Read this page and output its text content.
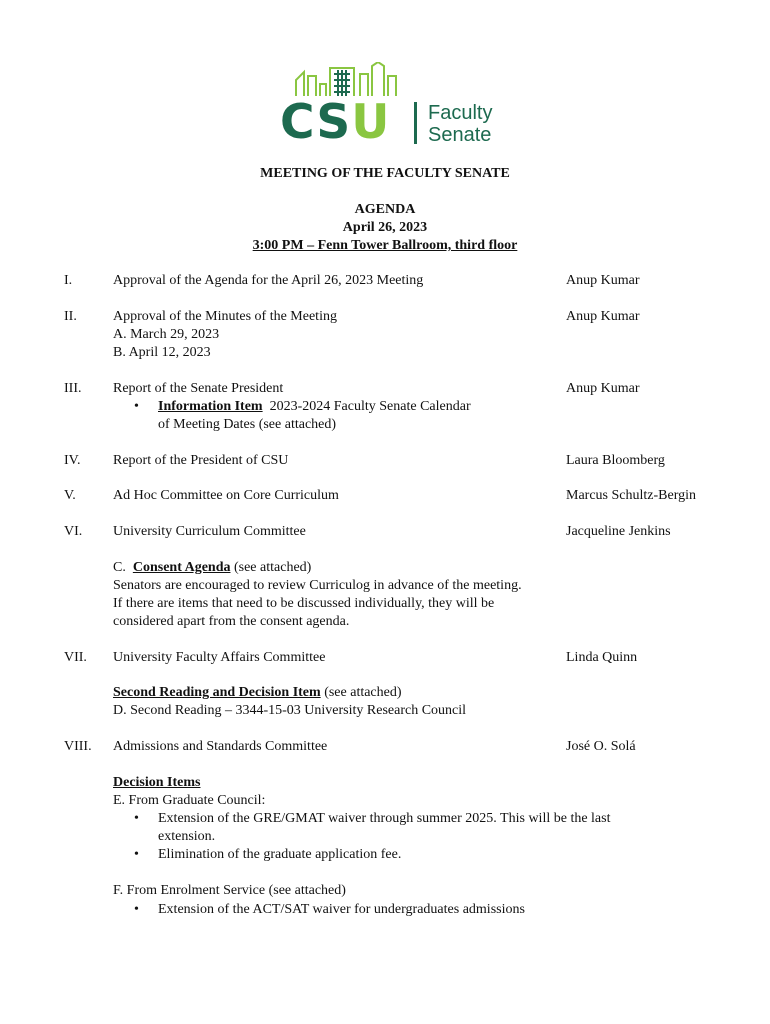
CSU Faculty
Senate
MEETING OF THE FACULTY SENATE
AGENDA
April 26, 2023
3:00 PM – Fenn Tower Ballroom, third floor
I.	Approval of the Agenda for the April 26, 2023 Meeting	Anup Kumar
II.	Approval of the Minutes of the Meeting	Anup Kumar
A. March 29, 2023
B. April 12, 2023
III. Report of the Senate President	Anup Kumar
• Information Item  2023-2024 Faculty Senate Calendar
of Meeting Dates (see attached)
IV. Report of the President of CSU	Laura Bloomberg
V.	Ad Hoc Committee on Core Curriculum	Marcus Schultz-Bergin
VI. University Curriculum Committee	Jacqueline Jenkins
C.  Consent Agenda (see attached)
Senators are encouraged to review Curriculog in advance of the meeting.
If there are items that need to be discussed individually, they will be
considered apart from the consent agenda.
VII. University Faculty Affairs Committee	Linda Quinn
Second Reading and Decision Item (see attached)
D. Second Reading – 3344-15-03 University Research Council
VIII. Admissions and Standards Committee	José O. Solá
Decision Items
E. From Graduate Council:
• Extension of the GRE/GMAT waiver through summer 2025. This will be the last
extension.
• Elimination of the graduate application fee.
F. From Enrolment Service (see attached)
• Extension of the ACT/SAT waiver for undergraduates admissions
